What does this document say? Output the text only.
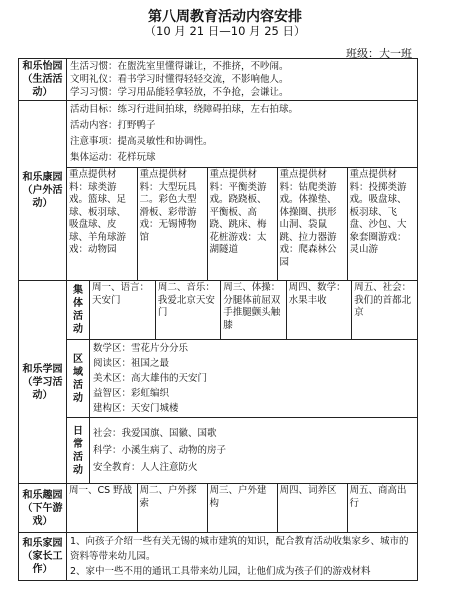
第八周教育活动内容安排
（10 月 21 日—10 月 25 日）
班级：大一班
和乐怡园（生活活动）	
生活习惯：在盥洗室里懂得谦让，不推挤，不吵闹。
文明礼仪：看书学习时懂得轻轻交流，不影响他人。
学习习惯：学习用品能轻拿轻放，不争抢，会谦让。

和乐康园（户外活动）	
活动目标：练习行进间拍球，绕障碍拍球，左右拍球。
活动内容：打野鸭子
注意事项：提高灵敏性和协调性。
集体运动：花样玩球
重点提供材料：球类游戏。篮球、足球、板羽球、吸盘球、皮球、羊角球游戏：动物园	重点提供材料：大型玩具二。彩色大型滑板、彩带游戏：无锡博物馆	重点提供材料：平衡类游戏。跷跷板、平衡板、高跷、跳床、梅花桩游戏：太湖隧道	重点提供材料：钻爬类游戏。体操垫、体操圈、拱形山洞、袋鼠跳、拉力器游戏：爬森林公园	重点提供材料：投掷类游戏。吸盘球、板羽球、飞盘、沙包、大象套圈游戏：灵山游

和乐学园（学习活动）	集体活动	
周一、语言：天安门	周二、音乐：我爱北京天安门	周三、体操：分腿体前屈双手推腿颤头触膝	周四、数学：水果丰收	周五、社会：我们的首都北京

区域活动	
数学区：雪花片分分乐
阅读区：祖国之最
美术区：高大雄伟的天安门
益智区：彩虹编织
建构区：天安门城楼

日常活动	
社会：我爱国旗、国徽、国歌
科学：小溪生病了、动物的房子
安全教育：人人注意防火

和乐趣园（下午游戏）	
周一、CS 野战	周二、户外探索	周三、户外建构	周四、词养区	周五、商高出行

和乐家园（家长工作）	
1、向孩子介绍一些有关无锡的城市建筑的知识，配合教育活动收集家乡、城市的资料等带来幼儿园。
2、家中一些不用的通讯工具带来幼儿园，让他们成为孩子们的游戏材料
